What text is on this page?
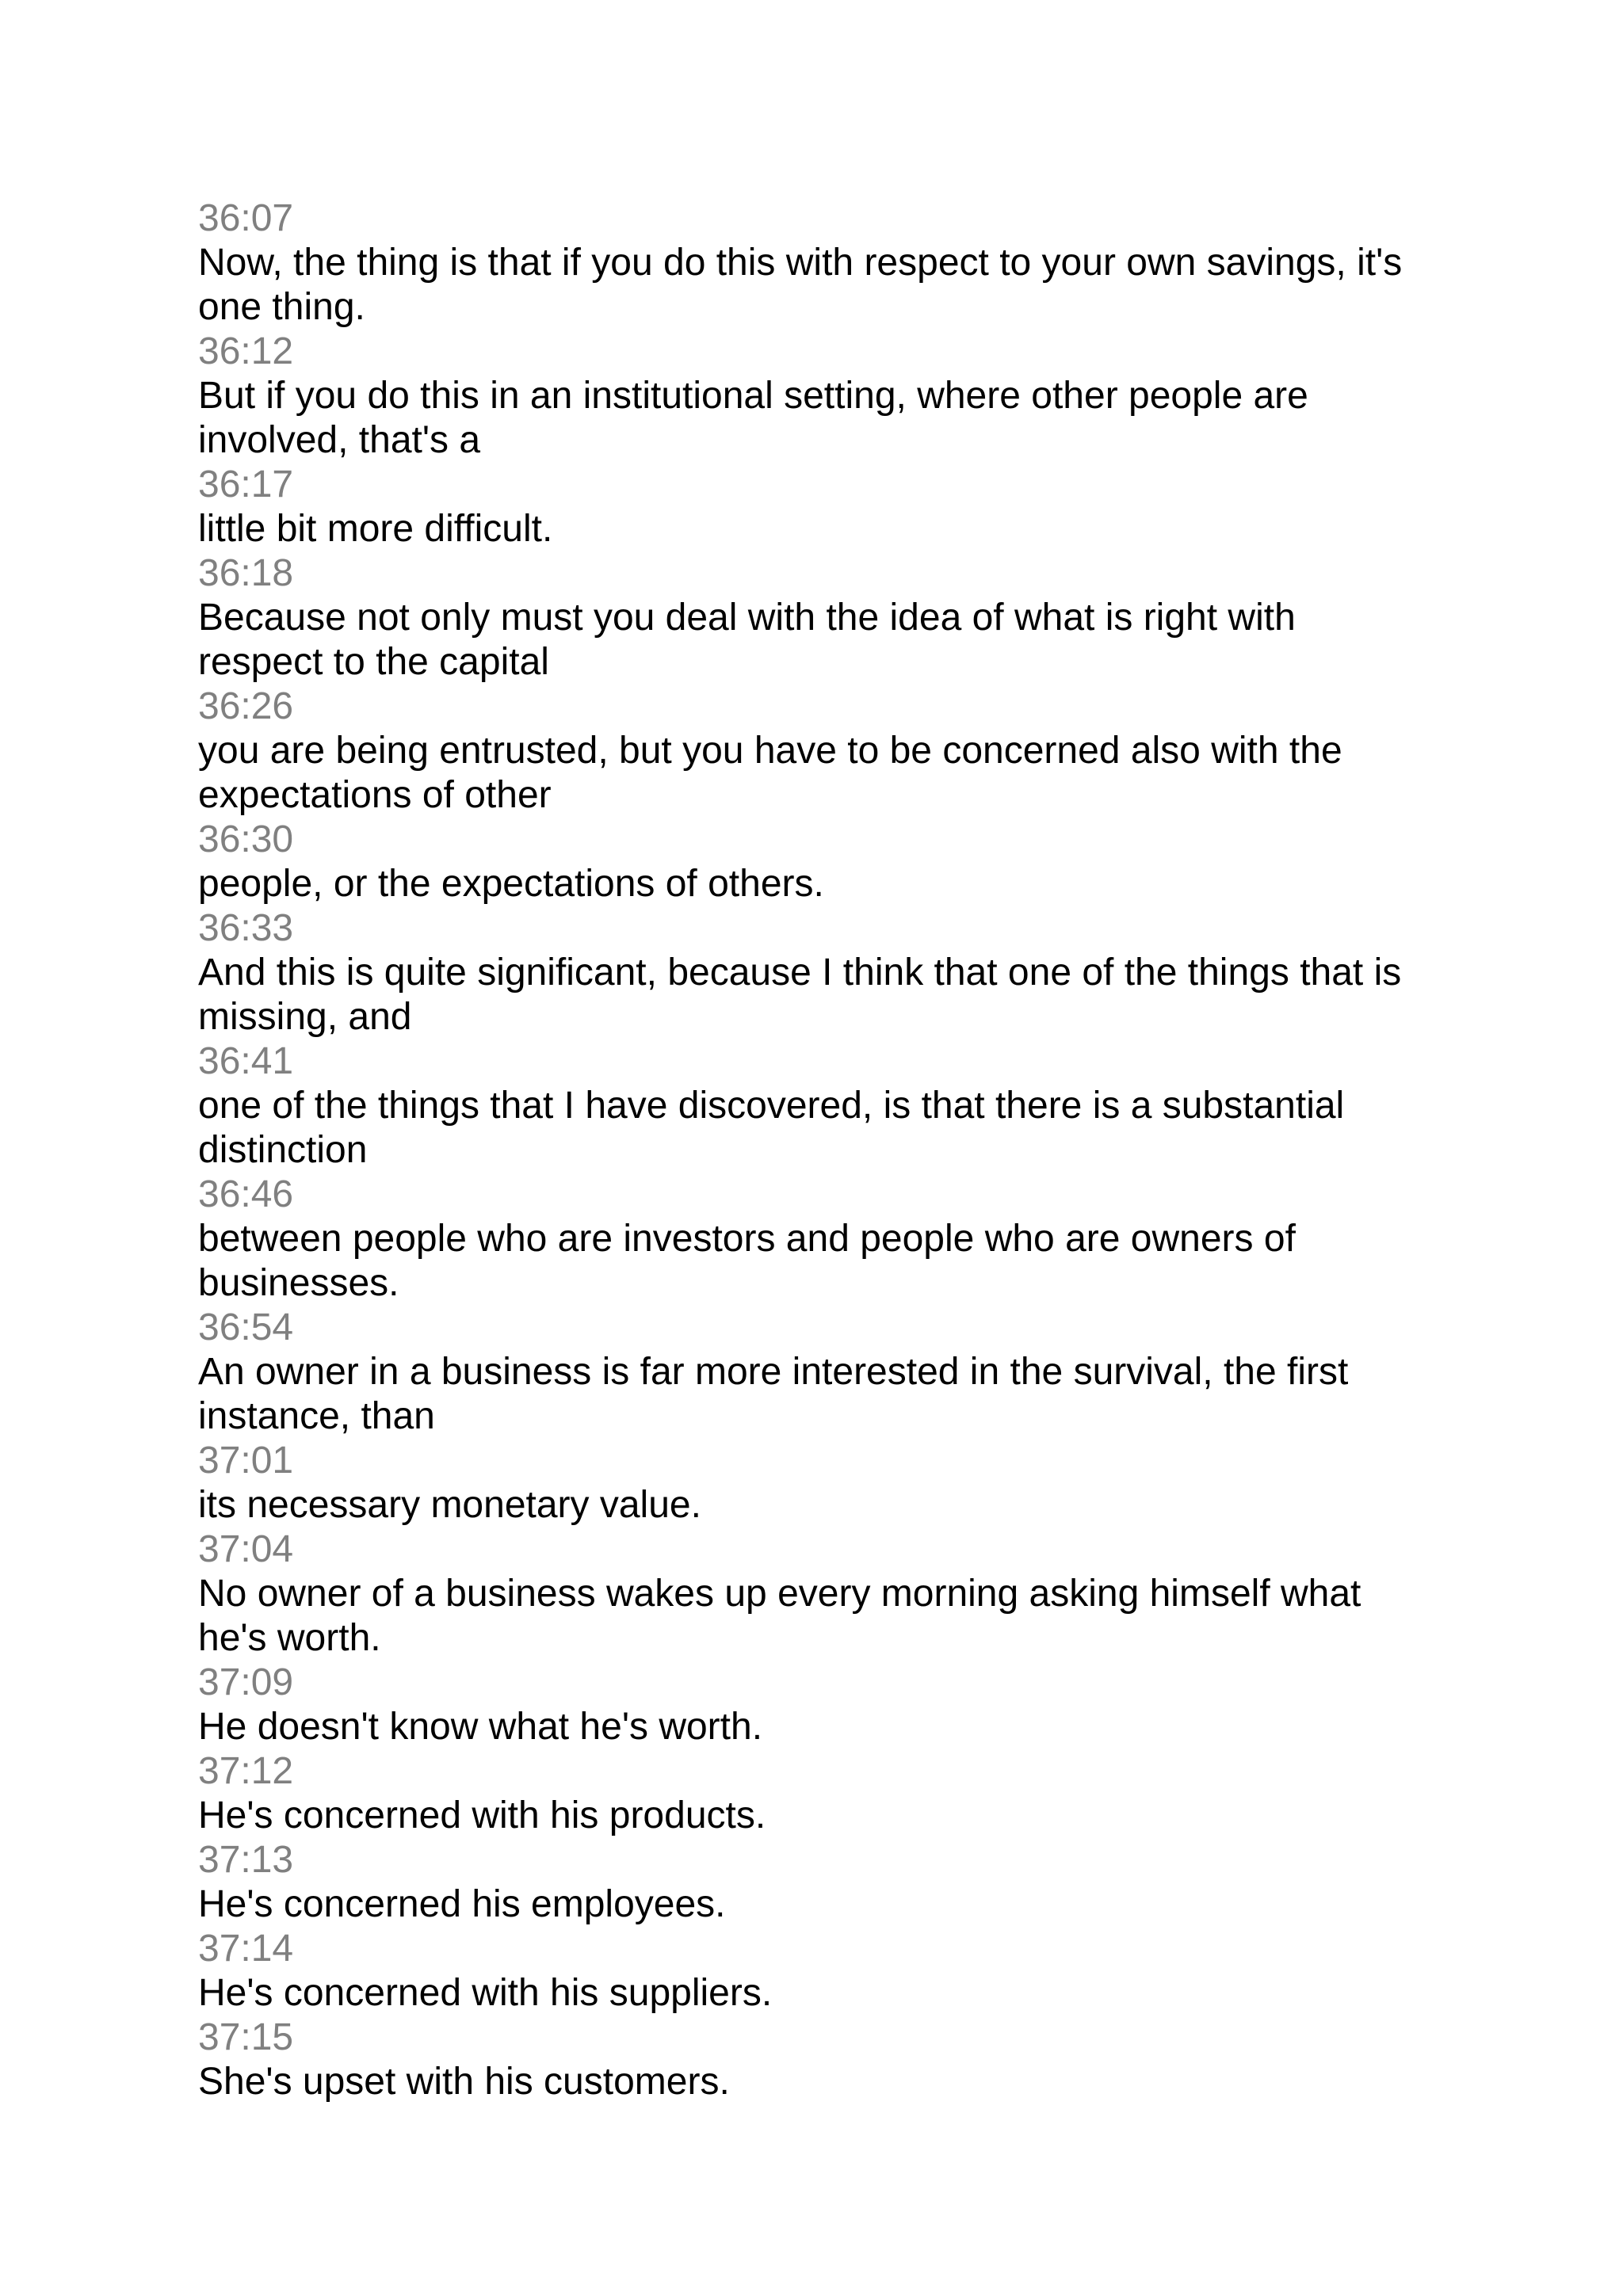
36:07
Now, the thing is that if you do this with respect to your own savings, it's
one thing.
36:12
But if you do this in an institutional setting, where other people are
involved, that's a
36:17
little bit more difficult.
36:18
Because not only must you deal with the idea of what is right with
respect to the capital
36:26
you are being entrusted, but you have to be concerned also with the
expectations of other
36:30
people, or the expectations of others.
36:33
And this is quite significant, because I think that one of the things that is
missing, and
36:41
one of the things that I have discovered, is that there is a substantial
distinction
36:46
between people who are investors and people who are owners of
businesses.
36:54
An owner in a business is far more interested in the survival, the first
instance, than
37:01
its necessary monetary value.
37:04
No owner of a business wakes up every morning asking himself what
he's worth.
37:09
He doesn't know what he's worth.
37:12
He's concerned with his products.
37:13
He's concerned his employees.
37:14
He's concerned with his suppliers.
37:15
She's upset with his customers.
